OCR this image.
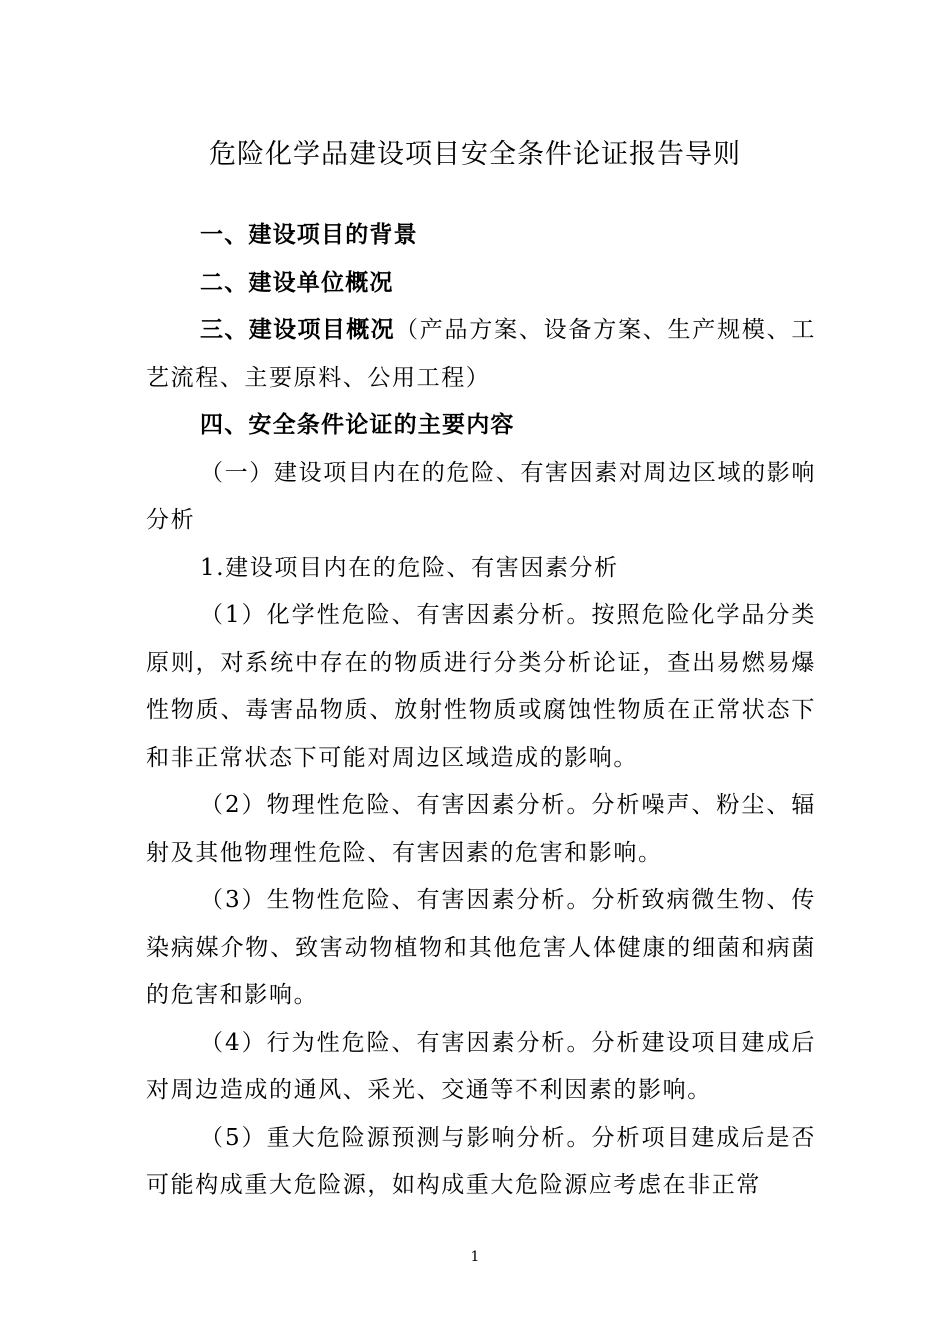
危险化学品建设项目安全条件论证报告导则

一、建设项目的背景

二、建设单位概况

三、建设项目概况（产品方案、设备方案、生产规模、工艺流程、主要原料、公用工程）

四、安全条件论证的主要内容

（一）建设项目内在的危险、有害因素对周边区域的影响分析

1.建设项目内在的危险、有害因素分析

（1）化学性危险、有害因素分析。按照危险化学品分类原则，对系统中存在的物质进行分类分析论证，查出易燃易爆性物质、毒害品物质、放射性物质或腐蚀性物质在正常状态下和非正常状态下可能对周边区域造成的影响。

（2）物理性危险、有害因素分析。分析噪声、粉尘、辐射及其他物理性危险、有害因素的危害和影响。

（3）生物性危险、有害因素分析。分析致病微生物、传染病媒介物、致害动物植物和其他危害人体健康的细菌和病菌的危害和影响。

（4）行为性危险、有害因素分析。分析建设项目建成后对周边造成的通风、采光、交通等不利因素的影响。

（5）重大危险源预测与影响分析。分析项目建成后是否可能构成重大危险源，如构成重大危险源应考虑在非正常

1
